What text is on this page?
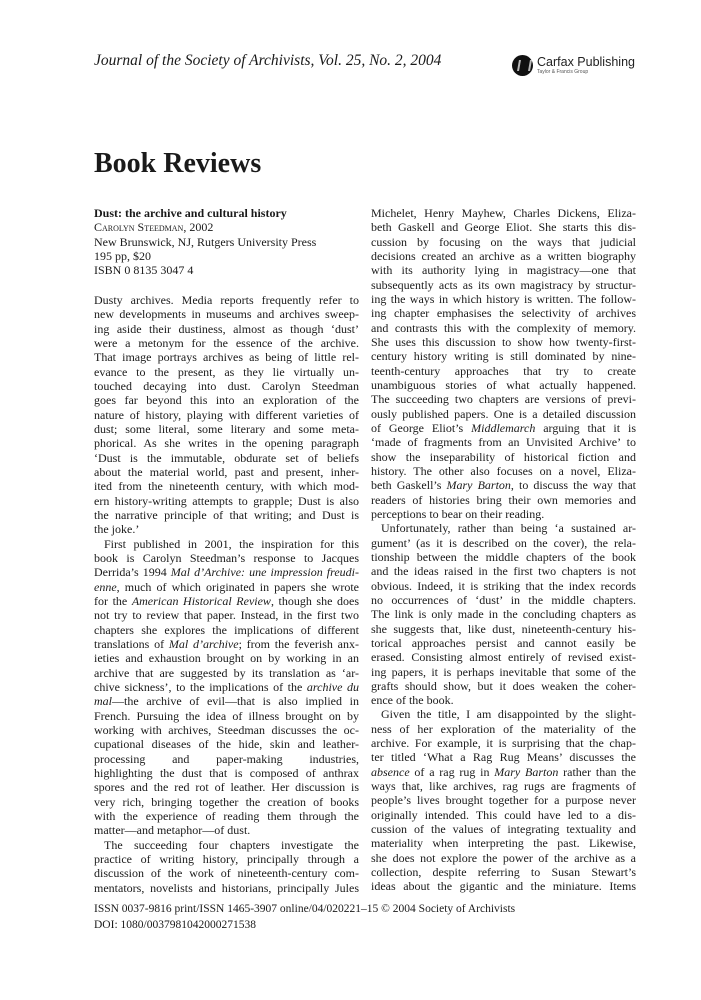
Journal of the Society of Archivists, Vol. 25, No. 2, 2004	Carfax Publishing
Taylor & Francis Group
Book Reviews
Dust: the archive and cultural history
Carolyn Steedman, 2002
New Brunswick, NJ, Rutgers University Press
195 pp, $20
ISBN 0 8135 3047 4
Dusty archives. Media reports frequently refer to
new developments in museums and archives sweep-
ing aside their dustiness, almost as though ‘dust’
were a metonym for the essence of the archive.
That image portrays archives as being of little rel-
evance to the present, as they lie virtually un-
touched decaying into dust. Carolyn Steedman
goes far beyond this into an exploration of the
nature of history, playing with different varieties of
dust; some literal, some literary and some meta-
phorical. As she writes in the opening paragraph
‘Dust is the immutable, obdurate set of beliefs
about the material world, past and present, inher-
ited from the nineteenth century, with which mod-
ern history-writing attempts to grapple; Dust is also
the narrative principle of that writing; and Dust is
the joke.’
First published in 2001, the inspiration for this
book is Carolyn Steedman’s response to Jacques
Derrida’s 1994 Mal d’Archive: une impression freudi-
enne, much of which originated in papers she wrote
for the American Historical Review, though she does
not try to review that paper. Instead, in the first two
chapters she explores the implications of different
translations of Mal d’archive; from the feverish anx-
ieties and exhaustion brought on by working in an
archive that are suggested by its translation as ‘ar-
chive sickness’, to the implications of the archive du
mal—the archive of evil—that is also implied in
French. Pursuing the idea of illness brought on by
working with archives, Steedman discusses the oc-
cupational diseases of the hide, skin and leather-
processing and paper-making industries,
highlighting the dust that is composed of anthrax
spores and the red rot of leather. Her discussion is
very rich, bringing together the creation of books
with the experience of reading them through the
matter—and metaphor—of dust.
The succeeding four chapters investigate the
practice of writing history, principally through a
discussion of the work of nineteenth-century com-
mentators, novelists and historians, principally Jules
Michelet, Henry Mayhew, Charles Dickens, Eliza-
beth Gaskell and George Eliot. She starts this dis-
cussion by focusing on the ways that judicial
decisions created an archive as a written biography
with its authority lying in magistracy—one that
subsequently acts as its own magistracy by structur-
ing the ways in which history is written. The follow-
ing chapter emphasises the selectivity of archives
and contrasts this with the complexity of memory.
She uses this discussion to show how twenty-first-
century history writing is still dominated by nine-
teenth-century approaches that try to create
unambiguous stories of what actually happened.
The succeeding two chapters are versions of previ-
ously published papers. One is a detailed discussion
of George Eliot’s Middlemarch arguing that it is
‘made of fragments from an Unvisited Archive’ to
show the inseparability of historical fiction and
history. The other also focuses on a novel, Eliza-
beth Gaskell’s Mary Barton, to discuss the way that
readers of histories bring their own memories and
perceptions to bear on their reading.
Unfortunately, rather than being ‘a sustained ar-
gument’ (as it is described on the cover), the rela-
tionship between the middle chapters of the book
and the ideas raised in the first two chapters is not
obvious. Indeed, it is striking that the index records
no occurrences of ‘dust’ in the middle chapters.
The link is only made in the concluding chapters as
she suggests that, like dust, nineteenth-century his-
torical approaches persist and cannot easily be
erased. Consisting almost entirely of revised exist-
ing papers, it is perhaps inevitable that some of the
grafts should show, but it does weaken the coher-
ence of the book.
Given the title, I am disappointed by the slight-
ness of her exploration of the materiality of the
archive. For example, it is surprising that the chap-
ter titled ‘What a Rag Rug Means’ discusses the
absence of a rag rug in Mary Barton rather than the
ways that, like archives, rag rugs are fragments of
people’s lives brought together for a purpose never
originally intended. This could have led to a dis-
cussion of the values of integrating textuality and
materiality when interpreting the past. Likewise,
she does not explore the power of the archive as a
collection, despite referring to Susan Stewart’s
ideas about the gigantic and the miniature. Items
ISSN 0037-9816 print/ISSN 1465-3907 online/04/020221–15 © 2004 Society of Archivists
DOI: 1080/0037981042000271538
